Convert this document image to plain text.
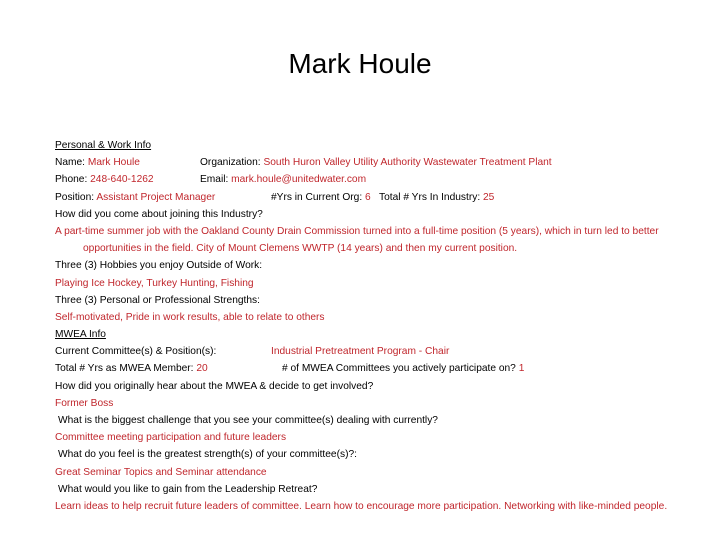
Mark Houle
Personal & Work Info
Name: Mark Houle	Organization: South Huron Valley Utility Authority Wastewater Treatment Plant
Phone: 248-640-1262	Email: mark.houle@unitedwater.com
Position: Assistant Project Manager	#Yrs in Current Org: 6 Total # Yrs In Industry: 25
How did you come about joining this Industry?
A part-time summer job with the Oakland County Drain Commission turned into a full-time position (5 years), which in turn led to better opportunities in the field. City of Mount Clemens WWTP (14 years) and then my current position.
Three (3) Hobbies you enjoy Outside of Work:
Playing Ice Hockey, Turkey Hunting, Fishing
Three (3) Personal or Professional Strengths:
Self-motivated, Pride in work results, able to relate to others
MWEA Info
Current Committee(s) & Position(s):	Industrial Pretreatment Program - Chair
Total # Yrs as MWEA Member: 20	# of MWEA Committees you actively participate on? 1
How did you originally hear about the MWEA & decide to get involved?
Former Boss
What is the biggest challenge that you see your committee(s) dealing with currently?
Committee meeting participation and future leaders
What do you feel is the greatest strength(s) of your committee(s)?:
Great Seminar Topics and Seminar attendance
What would you like to gain from the Leadership Retreat?
Learn ideas to help recruit future leaders of committee. Learn how to encourage more participation. Networking with like-minded people.
